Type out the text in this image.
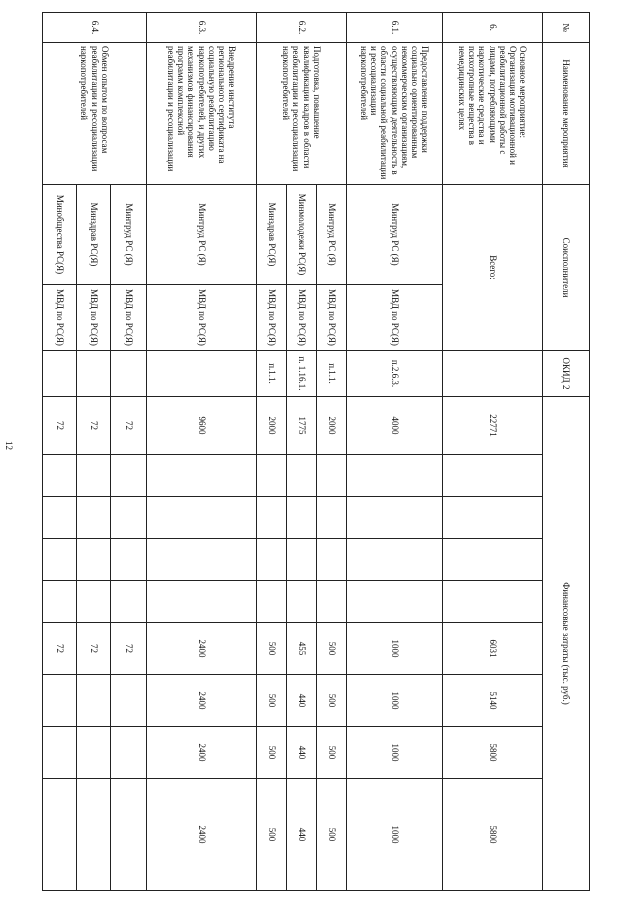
12
№	Наименование мероприятия	Соисполнители		ОКИД 2	Финансовые затраты (тыс. руб.)								
6.	Основное мероприятие: Организация мотивационной и реабилитационной работы с лицами, потребляющими наркотические средства и психотропные вещества в немедицинских целях	Всего:			22771					6031	5140	5800	5800
6.1.	Предоставление поддержки социально ориентированным некоммерческим организациям, осуществляющим деятельность в области социальной реабилитации и ресоциализации наркопотребителей	Минтруд РС (Я)	МВД по РС(Я)	п.2.6.3.	4000					1000	1000	1000	1000
6.2.	Подготовка, повышение квалификации кадров в области реабилитации и ресоциализации наркопотребителей	Минтруд РС (Я)	МВД по РС(Я)	п.1.1.	2000					500	500	500	500
		Минмолодежи РС(Я)	МВД по РС(Я)	п. 1.16.1.	1775					455	440	440	440
		Минздрав РС(Я)	МВД по РС(Я)	п.1.1.	2000					500	500	500	500
6.3.	Внедрение института регионального сертификата на социальную реабилитацию наркопотребителей, и других механизмов финансирования программ комплексной реабилитации и ресоциализации	Минтруд РС (Я)	МВД по РС(Я)		9600					2400	2400	2400	2400
6.4.	Обмен опытом по вопросам реабилитации и ресоциализации наркопотребителей	Минтруд РС (Я)	МВД по РС(Я)		72					72			
		Минздрав РС(Я)	МВД по РС(Я)		72					72			
		Минобщества РС(Я)	МВД по РС(Я)		72					72			
